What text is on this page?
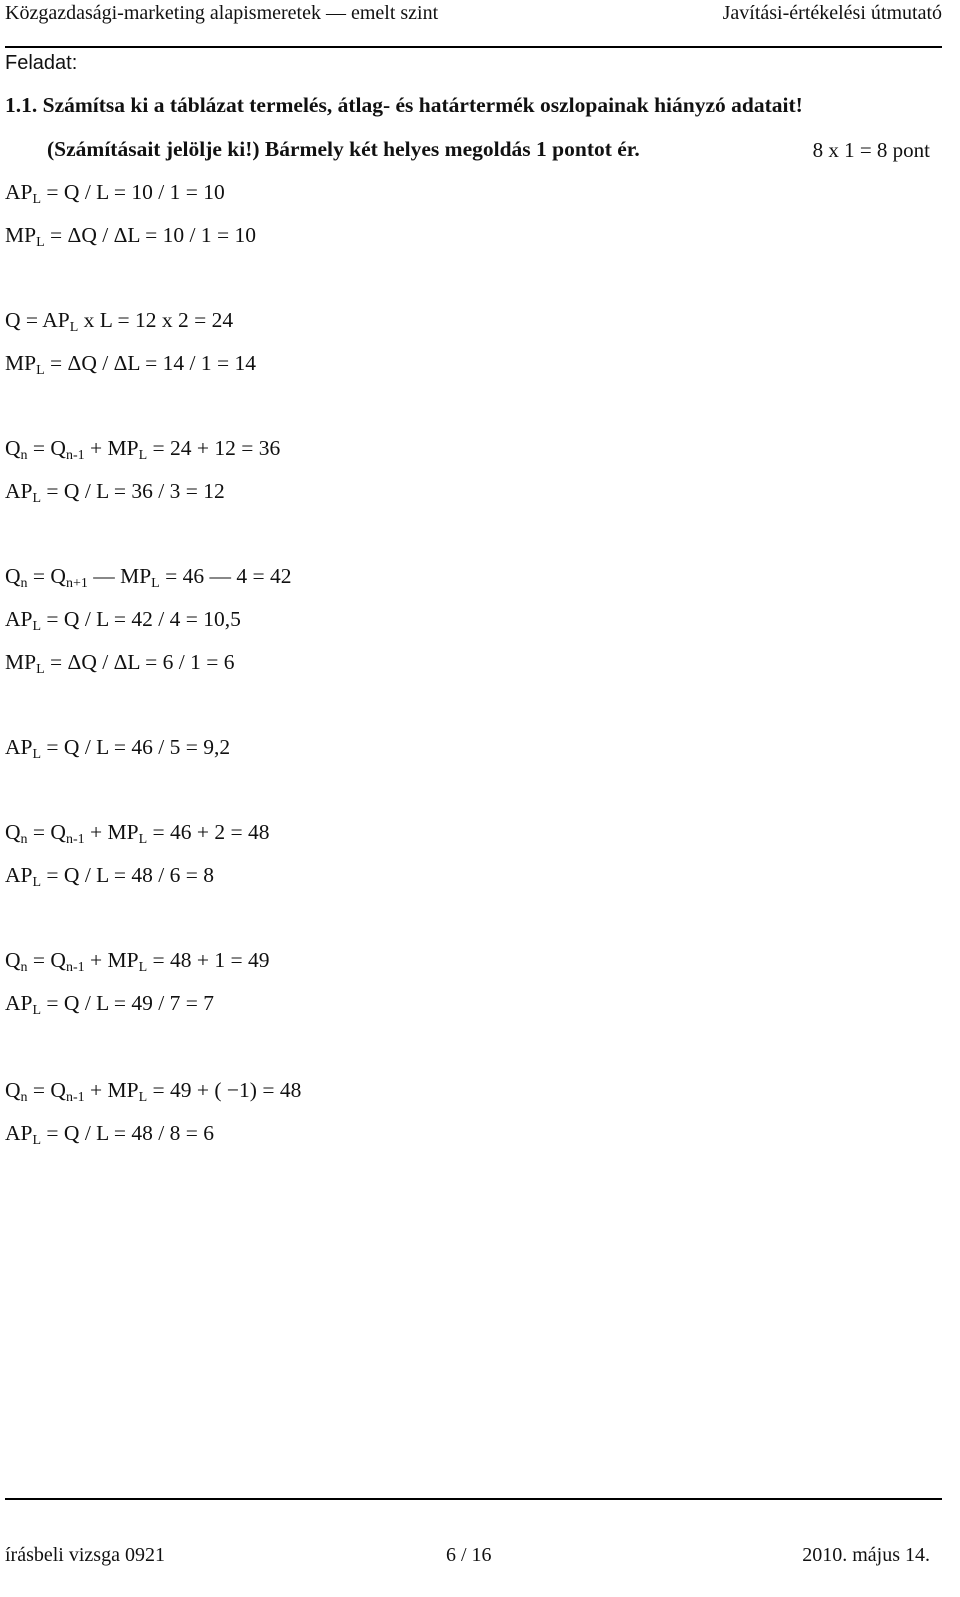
Közgazdasági-marketing alapismeretek — emelt szint	Javítási-értékelési útmutató
Feladat:
1.1. Számítsa ki a táblázat termelés, átlag- és határtermék oszlopainak hiányzó adatait!
(Számításait jelölje ki!) Bármely két helyes megoldás 1 pontot ér.	8 x 1 = 8 pont
$AP_L = Q / L = 10 / 1 = 10$
$MP_L = \Delta Q / \Delta L = 10 / 1 = 10$
$Q = AP_L$ x L = 12 x 2 = 24
$MP_L = \Delta Q / \Delta L = 14 / 1 = 14$
$Q_n = Q_{n-1} + MP_L = 24 + 12 = 36$
$AP_L = Q / L = 36 / 3 = 12$
$Q_n = Q_{n+1}$ — $MP_L = 46$ — 4 = 42
$AP_L = Q / L = 42 / 4 = 10,5$
$MP_L = \Delta Q / \Delta L = 6 / 1 = 6$
$AP_L = Q / L = 46 / 5 = 9,2$
$Q_n = Q_{n-1} + MP_L = 46 + 2 = 48$
$AP_L = Q / L = 48 / 6 = 8$
$Q_n = Q_{n-1} + MP_L = 48 + 1 = 49$
$AP_L = Q / L = 49 / 7 = 7$
$Q_n = Q_{n-1} + MP_L = 49$ + ( −1) = 48
$AP_L = Q / L = 48 / 8 = 6$
írásbeli vizsga 0921	6 / 16	2010. május 14.
